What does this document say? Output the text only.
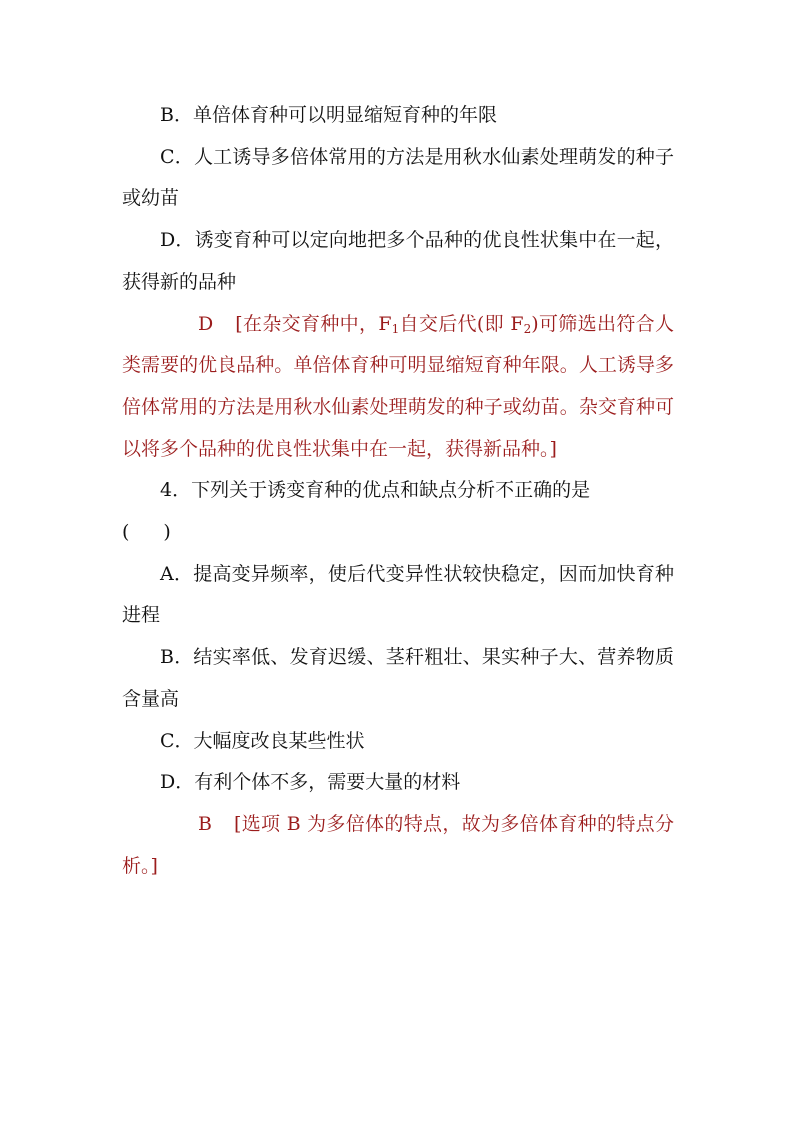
B．单倍体育种可以明显缩短育种的年限

C．人工诱导多倍体常用的方法是用秋水仙素处理萌发的种子或幼苗

D．诱变育种可以定向地把多个品种的优良性状集中在一起，获得新的品种

D [在杂交育种中，$F_1$自交后代(即 $F_2$)可筛选出符合人类需要的优良品种。单倍体育种可明显缩短育种年限。人工诱导多倍体常用的方法是用秋水仙素处理萌发的种子或幼苗。杂交育种可以将多个品种的优良性状集中在一起，获得新品种。]

4．下列关于诱变育种的优点和缺点分析不正确的是
( )

A．提高变异频率，使后代变异性状较快稳定，因而加快育种进程

B．结实率低、发育迟缓、茎秆粗壮、果实种子大、营养物质含量高

C．大幅度改良某些性状

D．有利个体不多，需要大量的材料

B [选项 B 为多倍体的特点，故为多倍体育种的特点分析。]
